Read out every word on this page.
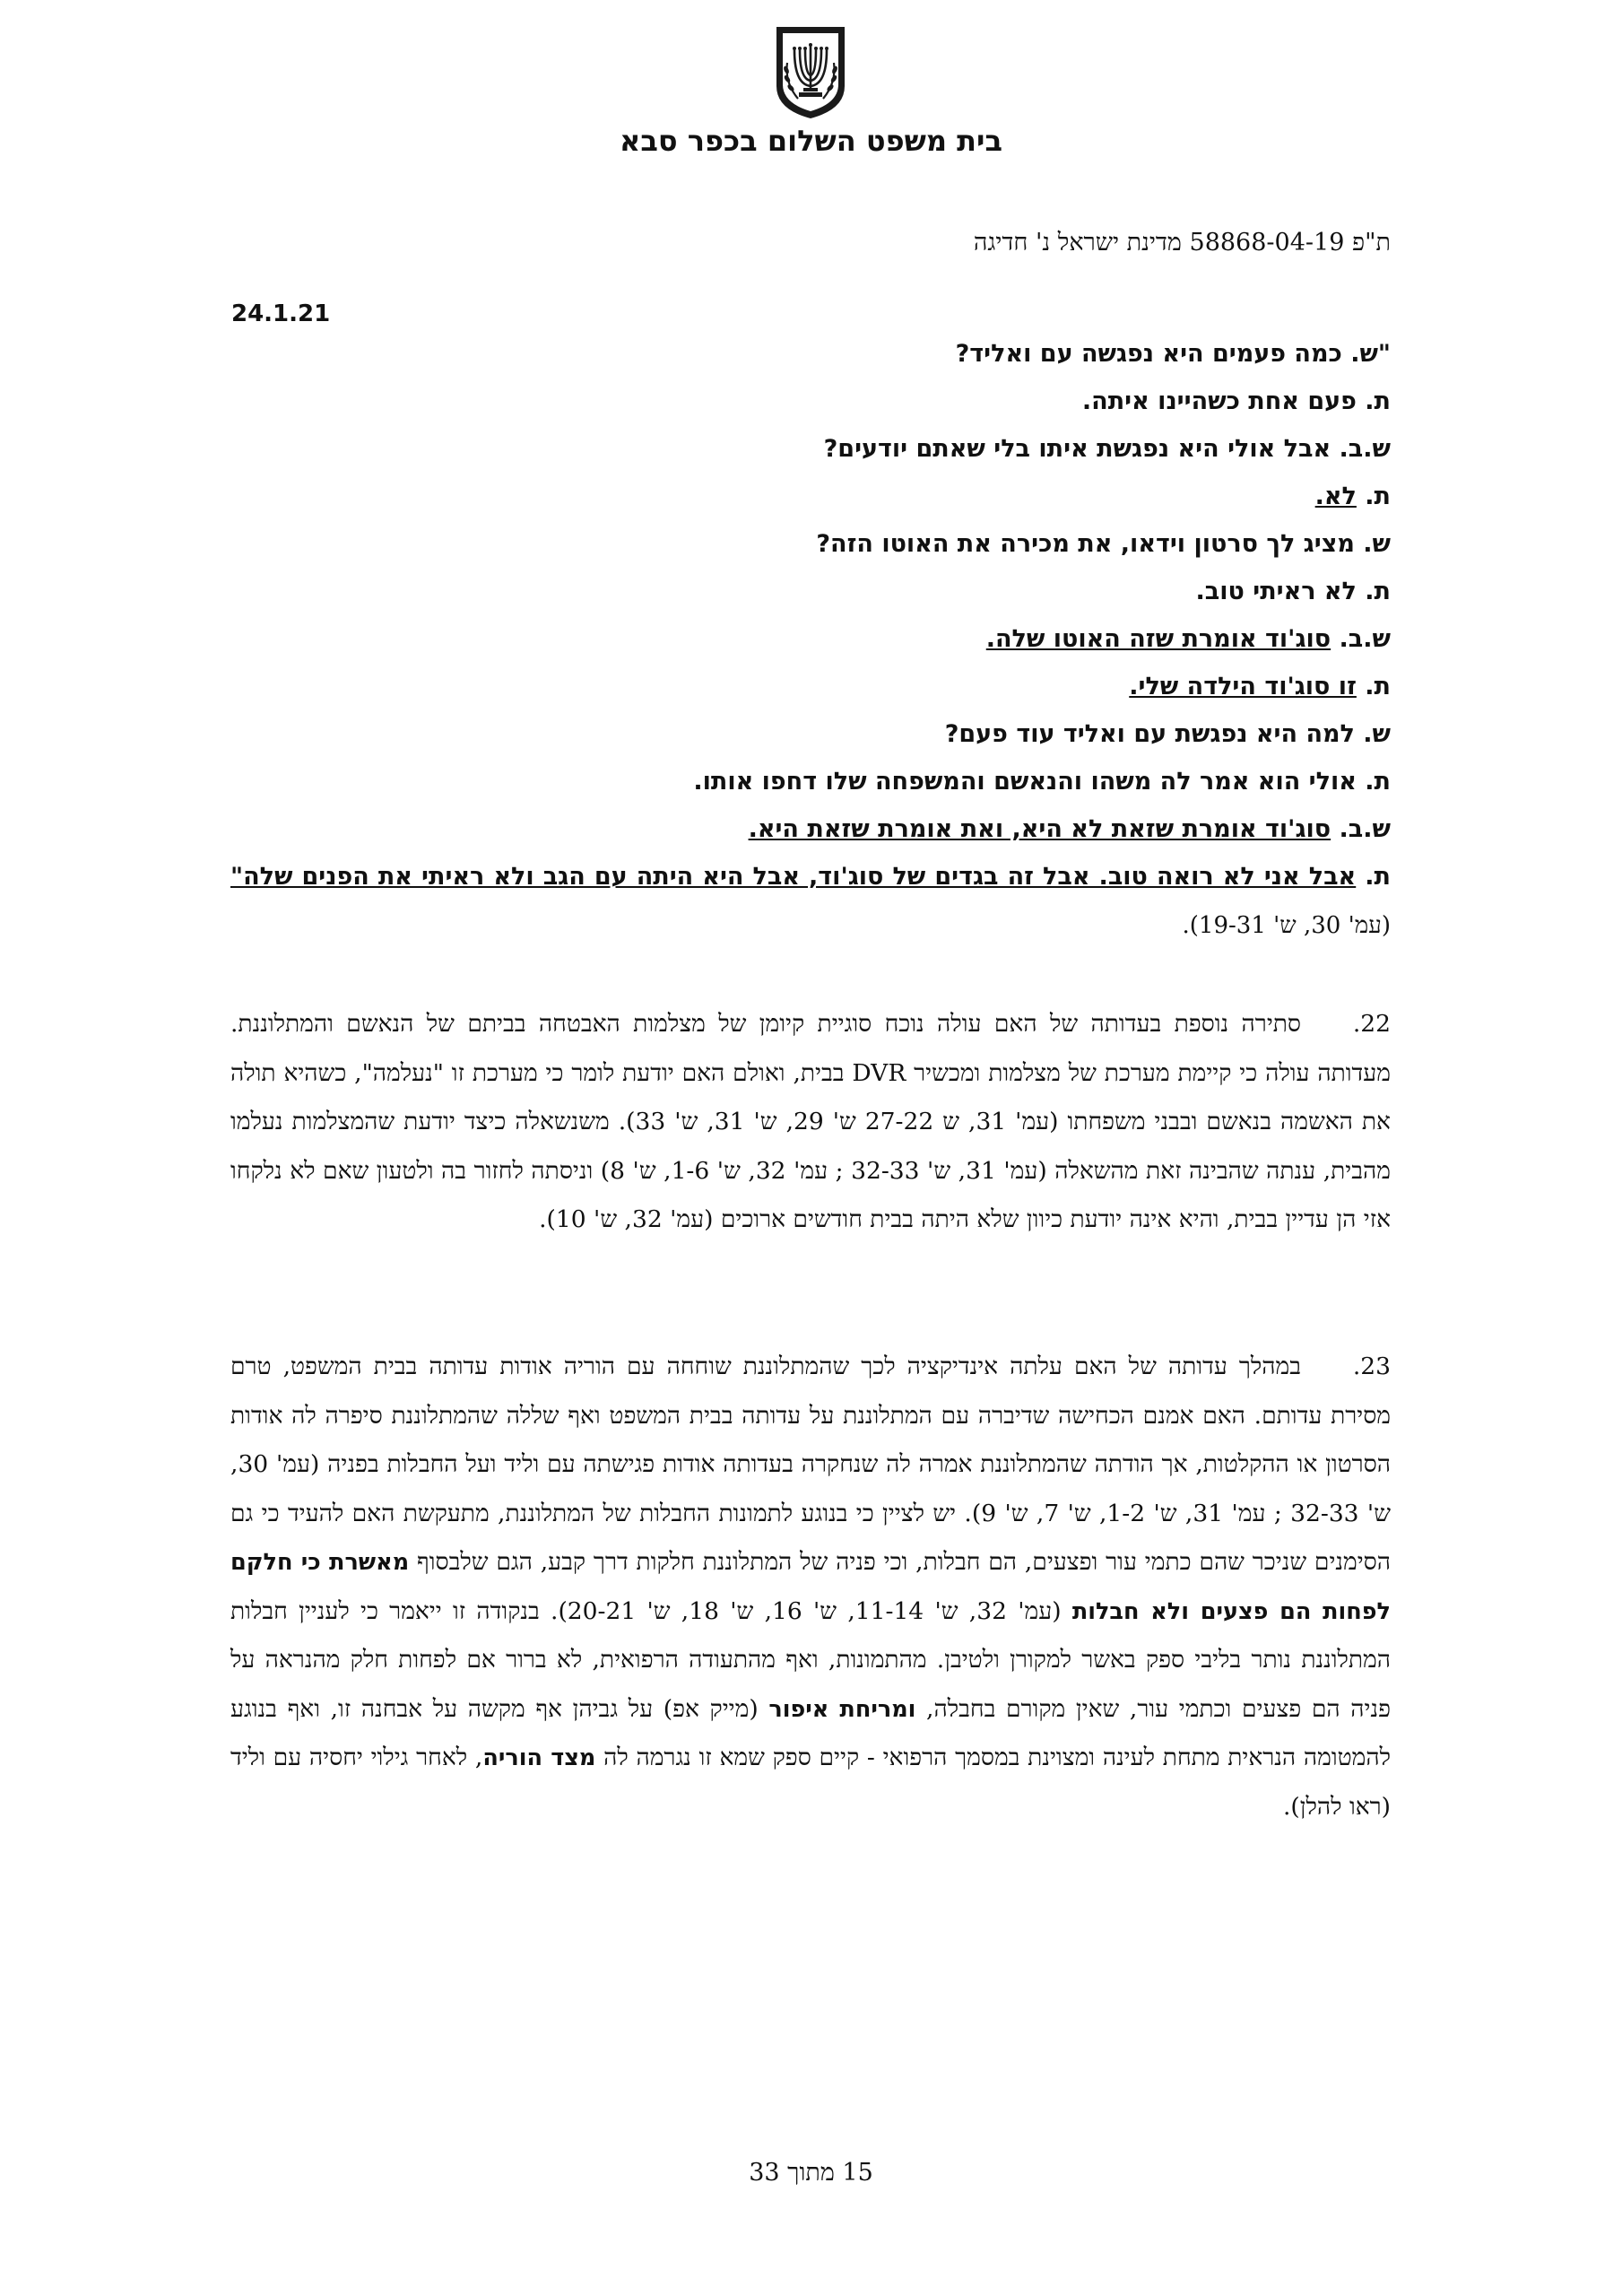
בית משפט השלום בכפר סבא
ת"פ 58868-04-19 מדינת ישראל נ' חדיגה
24.1.21
"ש. כמה פעמים היא נפגשה עם ואליד?
ת. פעם אחת כשהיינו איתה.
ש.ב. אבל אולי היא נפגשת איתו בלי שאתם יודעים?
ת. לא.
ש. מציג לך סרטון וידאו, את מכירה את האוטו הזה?
ת. לא ראיתי טוב.
ש.ב. סוג'וד אומרת שזה האוטו שלה.
ת. זו סוג'וד הילדה שלי.
ש. למה היא נפגשת עם ואליד עוד פעם?
ת. אולי הוא אמר לה משהו והנאשם והמשפחה שלו דחפו אותו.
ש.ב. סוג'וד אומרת שזאת לא היא, ואת אומרת שזאת היא.
ת. אבל אני לא רואה טוב. אבל זה בגדים של סוג'וד, אבל היא היתה עם הגב ולא ראיתי את הפנים שלה" (עמ' 30, ש' 19-31).
22.סתירה נוספת בעדותה של האם עולה נוכח סוגיית קיומן של מצלמות האבטחה בביתם של הנאשם והמתלוננת. מעדותה עולה כי קיימת מערכת של מצלמות ומכשיר DVR בבית, ואולם האם יודעת לומר כי מערכת זו "נעלמה", כשהיא תולה את האשמה בנאשם ובבני משפחתו (עמ' 31, ש 27-22 ש' 29, ש' 31, ש' 33). משנשאלה כיצד יודעת שהמצלמות נעלמו מהבית, ענתה שהבינה זאת מהשאלה (עמ' 31, ש' 32-33 ; עמ' 32, ש' 1-6, ש' 8) וניסתה לחזור בה ולטעון שאם לא נלקחו אזי הן עדיין בבית, והיא אינה יודעת כיוון שלא היתה בבית חודשים ארוכים (עמ' 32, ש' 10).
23.במהלך עדותה של האם עלתה אינדיקציה לכך שהמתלוננת שוחחה עם הוריה אודות עדותה בבית המשפט, טרם מסירת עדותם. האם אמנם הכחישה שדיברה עם המתלוננת על עדותה בבית המשפט ואף שללה שהמתלוננת סיפרה לה אודות הסרטון או ההקלטות, אך הודתה שהמתלוננת אמרה לה שנחקרה בעדותה אודות פגישתה עם וליד ועל החבלות בפניה (עמ' 30, ש' 32-33 ; עמ' 31, ש' 1-2, ש' 7, ש' 9). יש לציין כי בנוגע לתמונות החבלות של המתלוננת, מתעקשת האם להעיד כי גם הסימנים שניכר שהם כתמי עור ופצעים, הם חבלות, וכי פניה של המתלוננת חלקות דרך קבע, הגם שלבסוף מאשרת כי חלקם לפחות הם פצעים ולא חבלות (עמ' 32, ש' 11-14, ש' 16, ש' 18, ש' 20-21). בנקודה זו ייאמר כי לעניין חבלות המתלוננת נותר בליבי ספק באשר למקורן ולטיבן. מהתמונות, ואף מהתעודה הרפואית, לא ברור אם לפחות חלק מהנראה על פניה הם פצעים וכתמי עור, שאין מקורם בחבלה, ומריחת איפור (מייק אפ) על גביהן אף מקשה על אבחנה זו, ואף בנוגע להמטומה הנראית מתחת לעינה ומצוינת במסמך הרפואי - קיים ספק שמא זו נגרמה לה מצד הוריה, לאחר גילוי יחסיה עם וליד (ראו להלן).
15 מתוך 33
